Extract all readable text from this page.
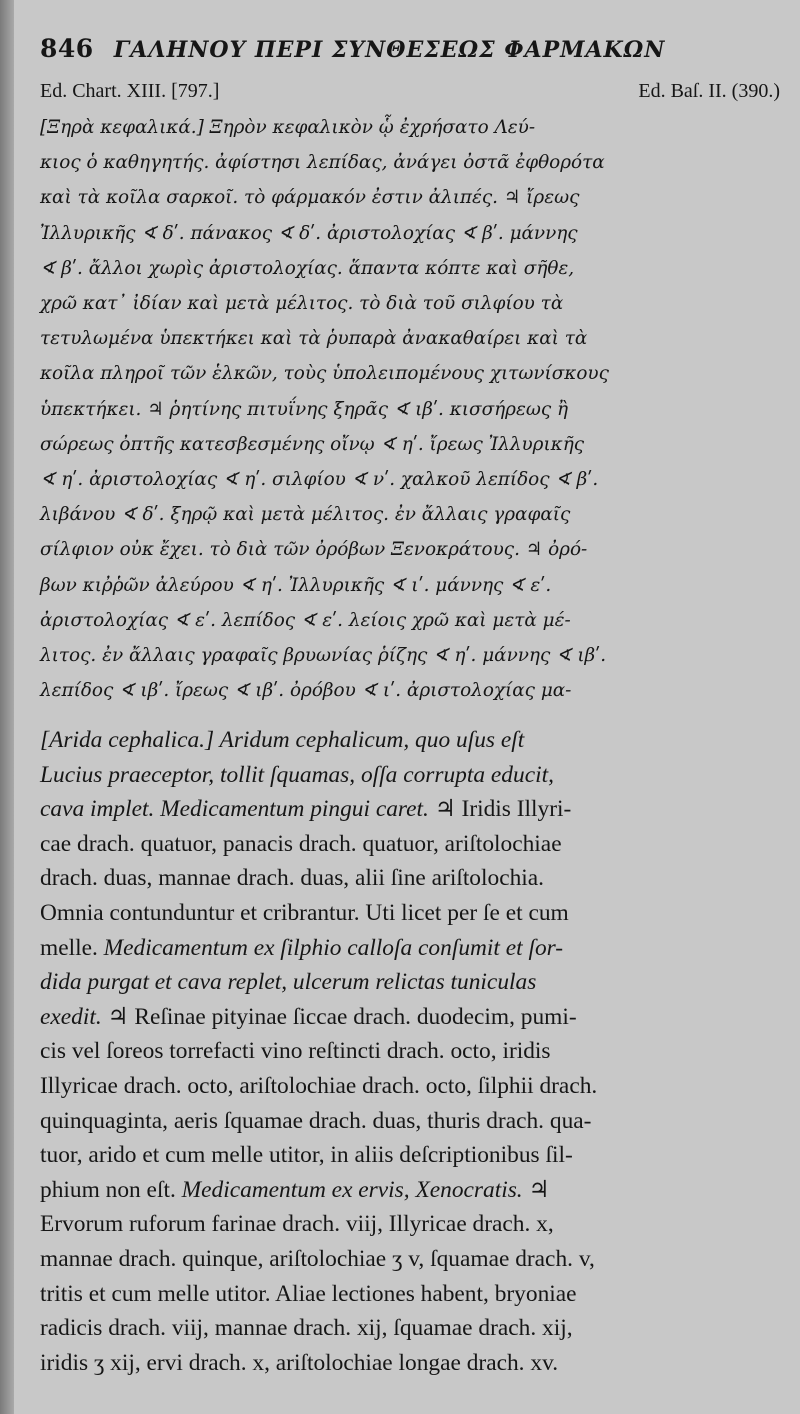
846 ΓΑΛΗΝΟΥ ΠΕΡΙ ΣΥΝΘΕΣΕΩΣ ΦΑΡΜΑΚΩΝ
Ed. Chart. XIII. [797.]	Ed. Baſ. II. (390.)
[Ξηρὰ κεφαλικά.] Ξηρὸν κεφαλικὸν ᾧ ἐχρήσατο Λεύ-
κιος ὁ καθηγητής. ἀφίστησι λεπίδας, ἀνάγει ὀστᾶ ἐφθορότα
καὶ τὰ κοῖλα σαρκοῖ. τὸ φάρμακόν ἐστιν ἀλιπές. ♃ ἴρεως
Ἰλλυρικῆς ∢ δʹ. πάνακος ∢ δʹ. ἀριστολοχίας ∢ βʹ. μάννης
∢ βʹ. ἄλλοι χωρὶς ἀριστολοχίας. ἅπαντα κόπτε καὶ σῆθε,
χρῶ κατ᾽ ἰδίαν καὶ μετὰ μέλιτος. τὸ διὰ τοῦ σιλφίου τὰ
τετυλωμένα ὑπεκτήκει καὶ τὰ ῥυπαρὰ ἀνακαθαίρει καὶ τὰ
κοῖλα πληροῖ τῶν ἑλκῶν, τοὺς ὑπολειπομένους χιτωνίσκους
ὑπεκτήκει. ♃ ῥητίνης πιτυΐνης ξηρᾶς ∢ ιβʹ. κισσήρεως ἢ
σώρεως ὀπτῆς κατεσβεσμένης οἴνῳ ∢ ηʹ. ἴρεως Ἰλλυρικῆς
∢ ηʹ. ἀριστολοχίας ∢ ηʹ. σιλφίου ∢ νʹ. χαλκοῦ λεπίδος ∢ βʹ.
λιβάνου ∢ δʹ. ξηρῷ καὶ μετὰ μέλιτος. ἐν ἄλλαις γραφαῖς
σίλφιον οὐκ ἔχει. τὸ διὰ τῶν ὀρόβων Ξενοκράτους. ♃ ὀρό-
βων κιῤῥῶν ἀλεύρου ∢ ηʹ. Ἰλλυρικῆς ∢ ιʹ. μάννης ∢ εʹ.
ἀριστολοχίας ∢ εʹ. λεπίδος ∢ εʹ. λείοις χρῶ καὶ μετὰ μέ-
λιτος. ἐν ἄλλαις γραφαῖς βρυωνίας ῥίζης ∢ ηʹ. μάννης ∢ ιβʹ.
λεπίδος ∢ ιβʹ. ἴρεως ∢ ιβʹ. ὀρόβου ∢ ιʹ. ἀριστολοχίας μα-
[Arida cephalica.] Aridum cephalicum, quo uſus eſt
Lucius praeceptor, tollit ſquamas, oſſa corrupta educit,
cava implet. Medicamentum pingui caret. ♃ Iridis Illyri-
cae drach. quatuor, panacis drach. quatuor, ariſtolochiae
drach. duas, mannae drach. duas, alii ſine ariſtolochia.
Omnia contunduntur et cribrantur. Uti licet per ſe et cum
melle. Medicamentum ex ſilphio calloſa conſumit et ſor-
dida purgat et cava replet, ulcerum relictas tuniculas
exedit. ♃ Reſinae pityinae ſiccae drach. duodecim, pumi-
cis vel ſoreos torrefacti vino reſtincti drach. octo, iridis
Illyricae drach. octo, ariſtolochiae drach. octo, ſilphii drach.
quinquaginta, aeris ſquamae drach. duas, thuris drach. qua-
tuor, arido et cum melle utitor, in aliis deſcriptionibus ſil-
phium non eſt. Medicamentum ex ervis, Xenocratis. ♃
Ervorum ruforum farinae drach. viij, Illyricae drach. x,
mannae drach. quinque, ariſtolochiae ʒ v, ſquamae drach. v,
tritis et cum melle utitor. Aliae lectiones habent, bryoniae
radicis drach. viij, mannae drach. xij, ſquamae drach. xij,
iridis ʒ xij, ervi drach. x, ariſtolochiae longae drach. xv.
